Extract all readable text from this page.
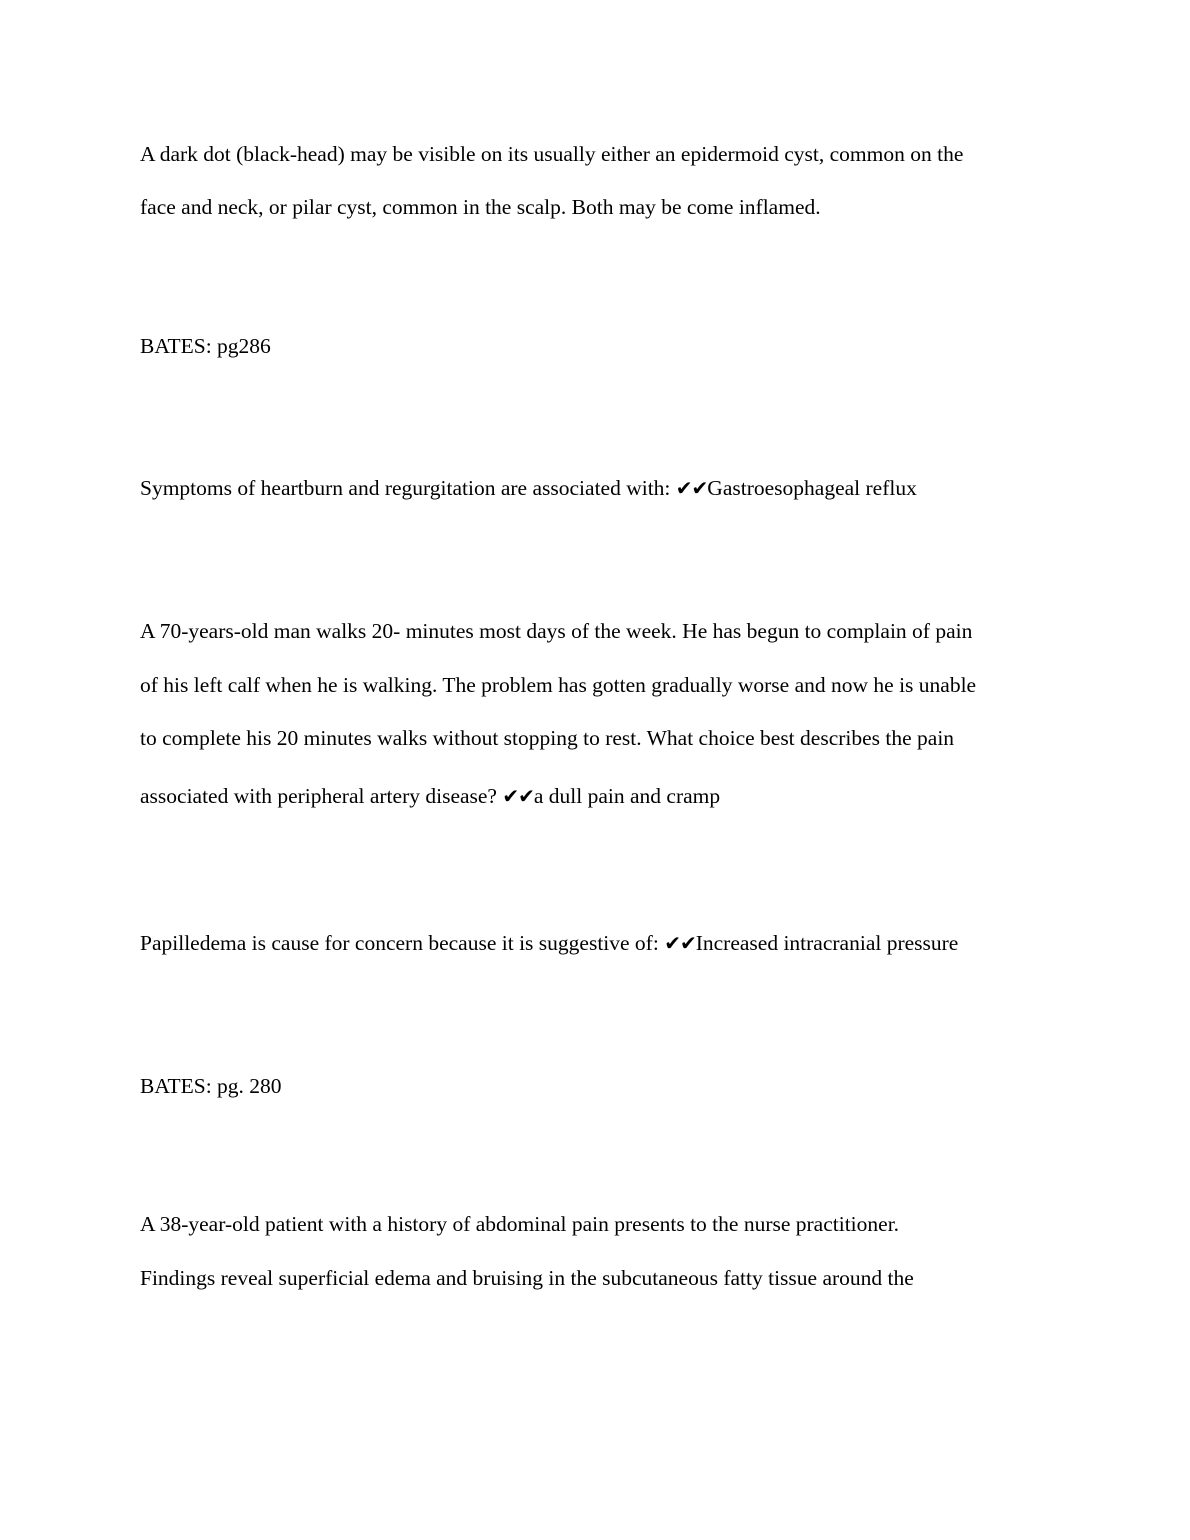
A dark dot (black-head) may be visible on its usually either an epidermoid cyst, common on the
face and neck, or pilar cyst, common in the scalp. Both may be come inflamed.
BATES: pg286
Symptoms of heartburn and regurgitation are associated with: ✔✔Gastroesophageal reflux
A 70-years-old man walks 20- minutes most days of the week. He has begun to complain of pain
of his left calf when he is walking. The problem has gotten gradually worse and now he is unable
to complete his 20 minutes walks without stopping to rest. What choice best describes the pain
associated with peripheral artery disease? ✔✔a dull pain and cramp
Papilledema is cause for concern because it is suggestive of: ✔✔Increased intracranial pressure
BATES: pg. 280
A 38-year-old patient with a history of abdominal pain presents to the nurse practitioner.
Findings reveal superficial edema and bruising in the subcutaneous fatty tissue around the
